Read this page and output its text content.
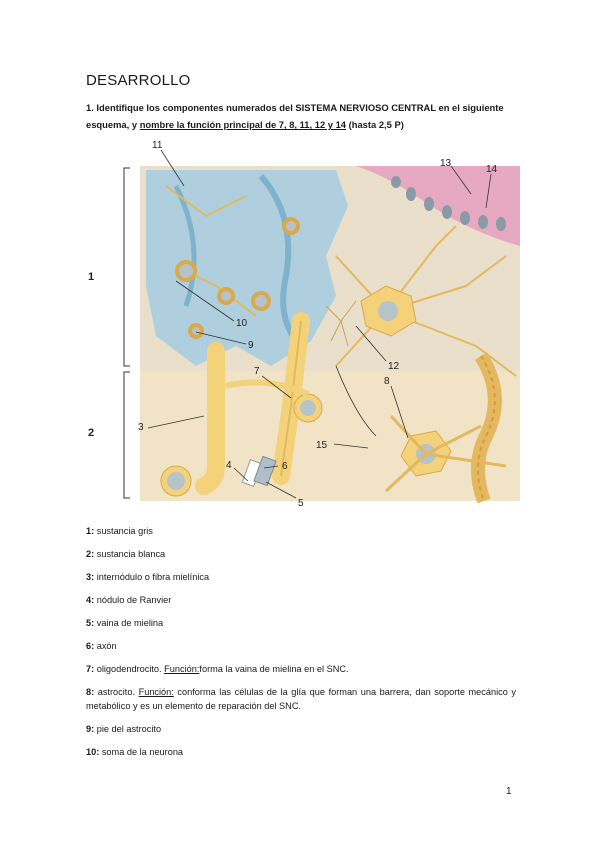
DESARROLLO
1. Identifique los componentes numerados del SISTEMA NERVIOSO CENTRAL en el siguiente esquema, y nombre la función principal de 7, 8, 11, 12 y 14 (hasta 2,5 P)
1
2	3
4
5
6
7
8
9
10
11
12
13
14
15
1: sustancia gris
2: sustancia blanca
3: internódulo o fibra mielínica
4: nódulo de Ranvier
5: vaina de mielina
6: axón
7: oligodendrocito. Función:forma la vaina de mielina en el SNC.
8: astrocito. Función: conforma las células de la glía que forman una barrera, dan soporte mecánico y metabólico y es un elemento de reparación del SNC.
9: pie del astrocito
10: soma de la neurona
1
